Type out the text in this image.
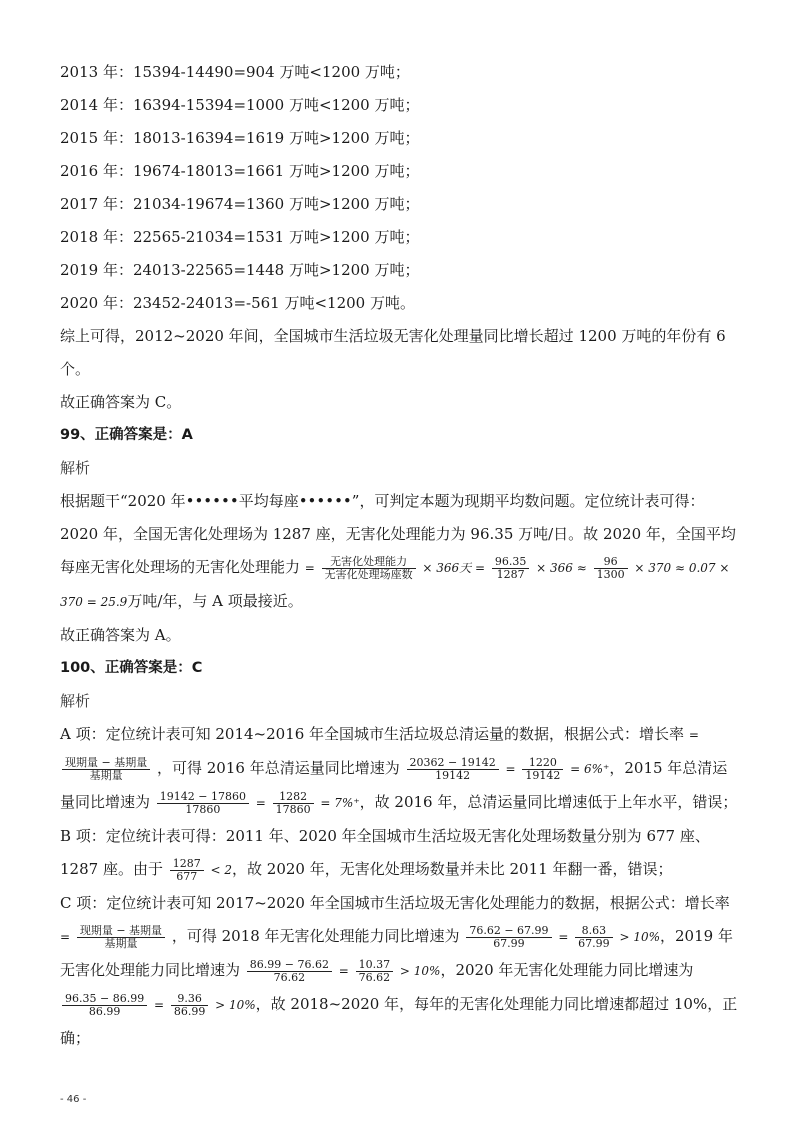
2013 年：15394-14490=904 万吨<1200 万吨；
2014 年：16394-15394=1000 万吨<1200 万吨；
2015 年：18013-16394=1619 万吨>1200 万吨；
2016 年：19674-18013=1661 万吨>1200 万吨；
2017 年：21034-19674=1360 万吨>1200 万吨；
2018 年：22565-21034=1531 万吨>1200 万吨；
2019 年：24013-22565=1448 万吨>1200 万吨；
2020 年：23452-24013=-561 万吨<1200 万吨。
综上可得，2012~2020 年间，全国城市生活垃圾无害化处理量同比增长超过 1200 万吨的年份有 6 个。
故正确答案为 C。
99、正确答案是：A
解析
根据题干“2020 年••••••平均每座••••••”，可判定本题为现期平均数问题。定位统计表可得：2020 年，全国无害化处理场为 1287 座，无害化处理能力为 96.35 万吨/日。故 2020 年，全国平均每座无害化处理场的无害化处理能力 = $\frac{\text{无害化处理能力}}{\text{无害化处理场座数}} \times 366$天 = $\frac{96.35}{1287} \times 366 \approx \frac{96}{1300} \times 370 \approx 0.07 \times 370 = 25.9$万吨/年，与 A 项最接近。
故正确答案为 A。
100、正确答案是：C
解析
A 项：定位统计表可知 2014~2016 年全国城市生活垃圾总清运量的数据，根据公式：增长率 =
$\frac{\text{现期量 − 基期量}}{\text{基期量}}$ ，可得 2016 年总清运量同比增速为 $\frac{20362 - 19142}{19142} = \frac{1220}{19142} = 6\%^+$，2015 年总清运量同比增速为 $\frac{19142 - 17860}{17860} = \frac{1282}{17860} = 7\%^+$，故 2016 年，总清运量同比增速低于上年水平，错误；
B 项：定位统计表可得：2011 年、2020 年全国城市生活垃圾无害化处理场数量分别为 677 座、1287 座。由于 $\frac{1287}{677} < 2$，故 2020 年，无害化处理场数量并未比 2011 年翻一番，错误；
C 项：定位统计表可知 2017~2020 年全国城市生活垃圾无害化处理能力的数据，根据公式：增长率 = $\frac{\text{现期量 − 基期量}}{\text{基期量}}$ ，可得 2018 年无害化处理能力同比增速为 $\frac{76.62 - 67.99}{67.99} = \frac{8.63}{67.99} > 10\%$，2019 年无害化处理能力同比增速为 $\frac{86.99 - 76.62}{76.62} = \frac{10.37}{76.62} > 10\%$，2020 年无害化处理能力同比增速为
$\frac{96.35 - 86.99}{86.99} = \frac{9.36}{86.99} > 10\%$，故 2018~2020 年，每年的无害化处理能力同比增速都超过 10%，正确；
- 46 -
